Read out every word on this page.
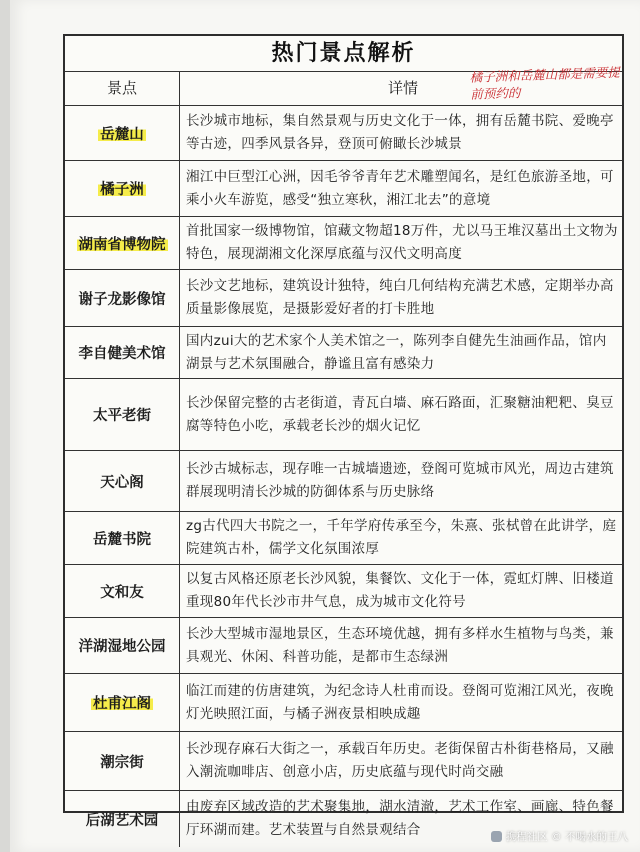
热门景点解析
景点	详情
岳麓山
长沙城市地标，集自然景观与历史文化于一体，拥有岳麓书院、爱晚亭等古迹，四季风景各异，登顶可俯瞰长沙城景
橘子洲
湘江中巨型江心洲，因毛爷爷青年艺术雕塑闻名，是红色旅游圣地，可乘小火车游览，感受“独立寒秋，湘江北去”的意境
湖南省博物院
首批国家一级博物馆，馆藏文物超18万件，尤以马王堆汉墓出土文物为特色，展现湖湘文化深厚底蕴与汉代文明高度
谢子龙影像馆
长沙文艺地标，建筑设计独特，纯白几何结构充满艺术感，定期举办高质量影像展览，是摄影爱好者的打卡胜地
李自健美术馆
国内zui大的艺术家个人美术馆之一，陈列李自健先生油画作品，馆内湖景与艺术氛围融合，静谧且富有感染力
太平老街
长沙保留完整的古老街道，青瓦白墙、麻石路面，汇聚糖油粑粑、臭豆腐等特色小吃，承载老长沙的烟火记忆
天心阁
长沙古城标志，现存唯一古城墙遗迹，登阁可览城市风光，周边古建筑群展现明清长沙城的防御体系与历史脉络
岳麓书院
zg古代四大书院之一，千年学府传承至今，朱熹、张栻曾在此讲学，庭院建筑古朴，儒学文化氛围浓厚
文和友
以复古风格还原老长沙风貌，集餐饮、文化于一体，霓虹灯牌、旧楼道重现80年代长沙市井气息，成为城市文化符号
洋湖湿地公园
长沙大型城市湿地景区，生态环境优越，拥有多样水生植物与鸟类，兼具观光、休闲、科普功能，是都市生态绿洲
杜甫江阁
临江而建的仿唐建筑，为纪念诗人杜甫而设。登阁可览湘江风光，夜晚灯光映照江面，与橘子洲夜景相映成趣
潮宗街
长沙现存麻石大街之一，承载百年历史。老街保留古朴街巷格局，又融入潮流咖啡店、创意小店，历史底蕴与现代时尚交融
后湖艺术园
由废弃区域改造的艺术聚集地，湖水清澈，艺术工作室、画廊、特色餐厅环湖而建。艺术装置与自然景观结合
橘子洲和岳麓山都是需要提前预约的
携程社区 © 不喝水的王八
